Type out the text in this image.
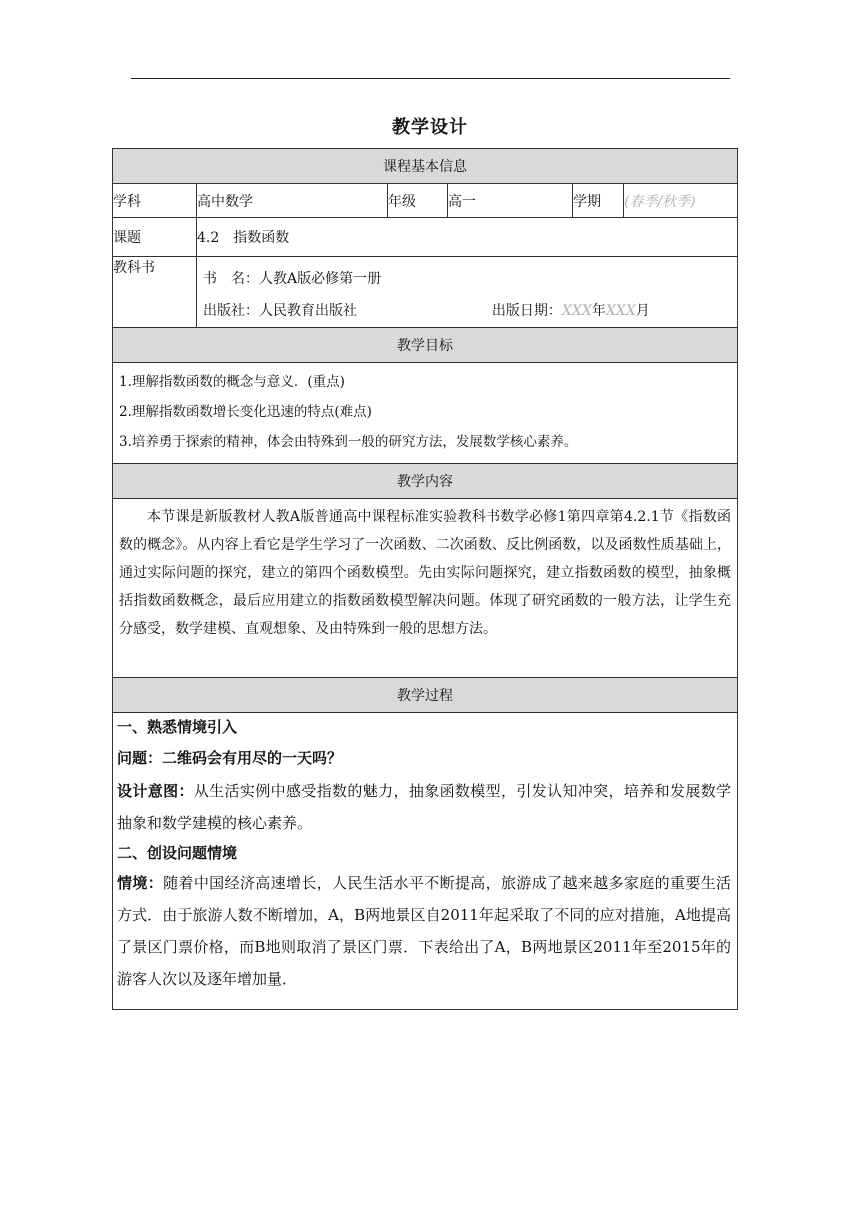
教学设计
课程基本信息					
学科	高中数学	年级	高一	学期	(春季/秋季)
课题	4.2　指数函数				
教科书	书　名：人教A版必修第一册
出版社：人民教育出版社 出版日期：XXX年XXX月				

教学目标					

1.理解指数函数的概念与意义．(重点)
2.理解指数函数增长变化迅速的特点(难点)
3.培养勇于探索的精神，体会由特殊到一般的研究方法，发展数学核心素养。					

教学内容					

本节课是新版教材人教A版普通高中课程标准实验教科书数学必修1第四章第4.2.1节《指数函数的概念》。从内容上看它是学生学习了一次函数、二次函数、反比例函数，以及函数性质基础上，通过实际问题的探究，建立的第四个函数模型。先由实际问题探究，建立指数函数的模型，抽象概括指数函数概念，最后应用建立的指数函数模型解决问题。体现了研究函数的一般方法，让学生充分感受，数学建模、直观想象、及由特殊到一般的思想方法。					

教学过程					

一、熟悉情境引入
问题：二维码会有用尽的一天吗？
设计意图：从生活实例中感受指数的魅力，抽象函数模型，引发认知冲突，培养和发展数学抽象和数学建模的核心素养。
二、创设问题情境
情境：随着中国经济高速增长，人民生活水平不断提高，旅游成了越来越多家庭的重要生活方式．由于旅游人数不断增加，A，B两地景区自2011年起采取了不同的应对措施，A地提高了景区门票价格，而B地则取消了景区门票．下表给出了A，B两地景区2011年至2015年的游客人次以及逐年增加量．					
